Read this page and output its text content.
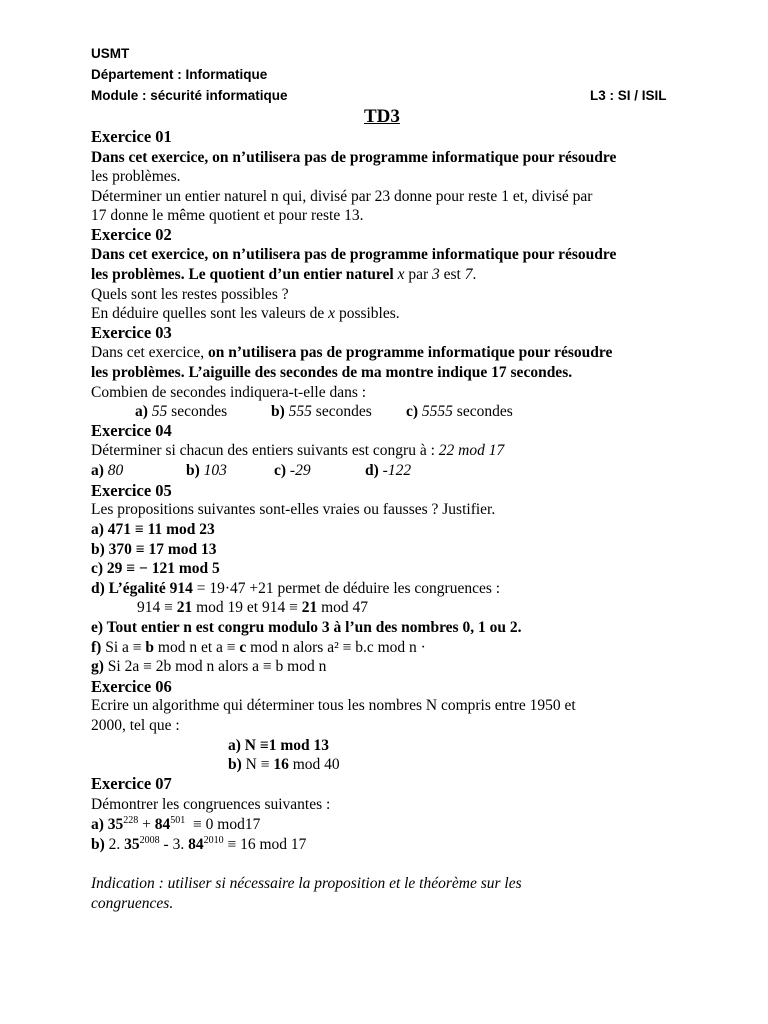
USMT
Département : Informatique
Module : sécurité informatique	L3 : SI / ISIL
TD3
Exercice 01
Dans cet exercice, on n’utilisera pas de programme informatique pour résoudre
les problèmes.
Déterminer un entier naturel n qui, divisé par 23 donne pour reste 1 et, divisé par
17 donne le même quotient et pour reste 13.
Exercice 02
Dans cet exercice, on n’utilisera pas de programme informatique pour résoudre
les problèmes. Le quotient d’un entier naturel x par 3 est 7.
Quels sont les restes possibles ?
En déduire quelles sont les valeurs de x possibles.
Exercice 03
Dans cet exercice, on n’utilisera pas de programme informatique pour résoudre
les problèmes. L’aiguille des secondes de ma montre indique 17 secondes.
Combien de secondes indiquera-t-elle dans :
a) 55 secondes	b) 555 secondes c) 5555 secondes
Exercice 04
Déterminer si chacun des entiers suivants est congru à : 22 mod 17
a) 80	b) 103	c) -29	d) -122
Exercice 05
Les propositions suivantes sont-elles vraies ou fausses ? Justifier.
a) 471 ≡ 11 mod 23
b) 370 ≡ 17 mod 13
c) 29 ≡ − 121 mod 5
d) L’égalité 914 = 19·47 +21 permet de déduire les congruences :
914 ≡ 21 mod 19 et 914 ≡ 21 mod 47
e) Tout entier n est congru modulo 3 à l’un des nombres 0, 1 ou 2.
f) Si a ≡ b mod n et a ≡ c mod n alors a² ≡ b.c mod n ·
g) Si 2a ≡ 2b mod n alors a ≡ b mod n
Exercice 06
Ecrire un algorithme qui déterminer tous les nombres N compris entre 1950 et
2000, tel que :
a) N ≡1 mod 13
b) N ≡ 16 mod 40
Exercice 07
Démontrer les congruences suivantes :
a) $35^{228} + 84^{501} \equiv 0$ mod17
b) 2. $35^{2008} - 3$. $84^{2010} \equiv 16$ mod 17
Indication : utiliser si nécessaire la proposition et le théorème sur les
congruences.
